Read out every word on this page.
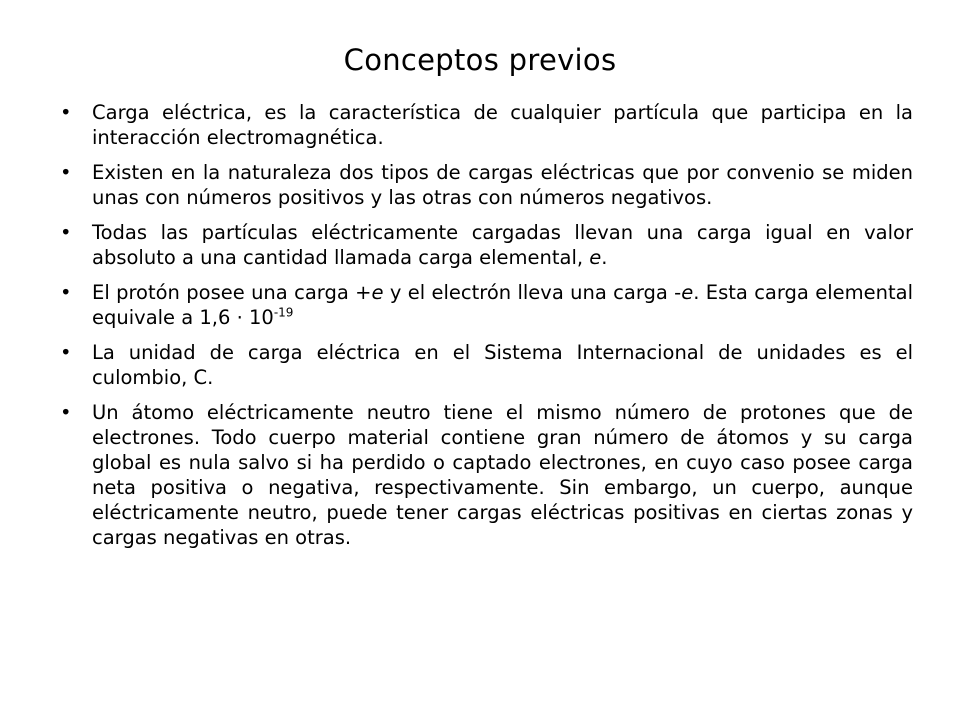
Conceptos previos
•	Carga eléctrica, es la característica de cualquier partícula que participa en la interacción electromagnética.
•	Existen en la naturaleza dos tipos de cargas eléctricas que por convenio se miden unas con números positivos y las otras con números negativos.
•	Todas las partículas eléctricamente cargadas llevan una carga igual en valor absoluto a una cantidad llamada carga elemental, e.
•	El protón posee una carga +e y el electrón lleva una carga -e. Esta carga elemental equivale a $1,6 \cdot 10^{-19}$
•	La unidad de carga eléctrica en el Sistema Internacional de unidades es el culombio, C.
•	Un átomo eléctricamente neutro tiene el mismo número de protones que de electrones. Todo cuerpo material contiene gran número de átomos y su carga global es nula salvo si ha perdido o captado electrones, en cuyo caso posee carga neta positiva o negativa, respectivamente. Sin embargo, un cuerpo, aunque eléctricamente neutro, puede tener cargas eléctricas positivas en ciertas zonas y cargas negativas en otras.
